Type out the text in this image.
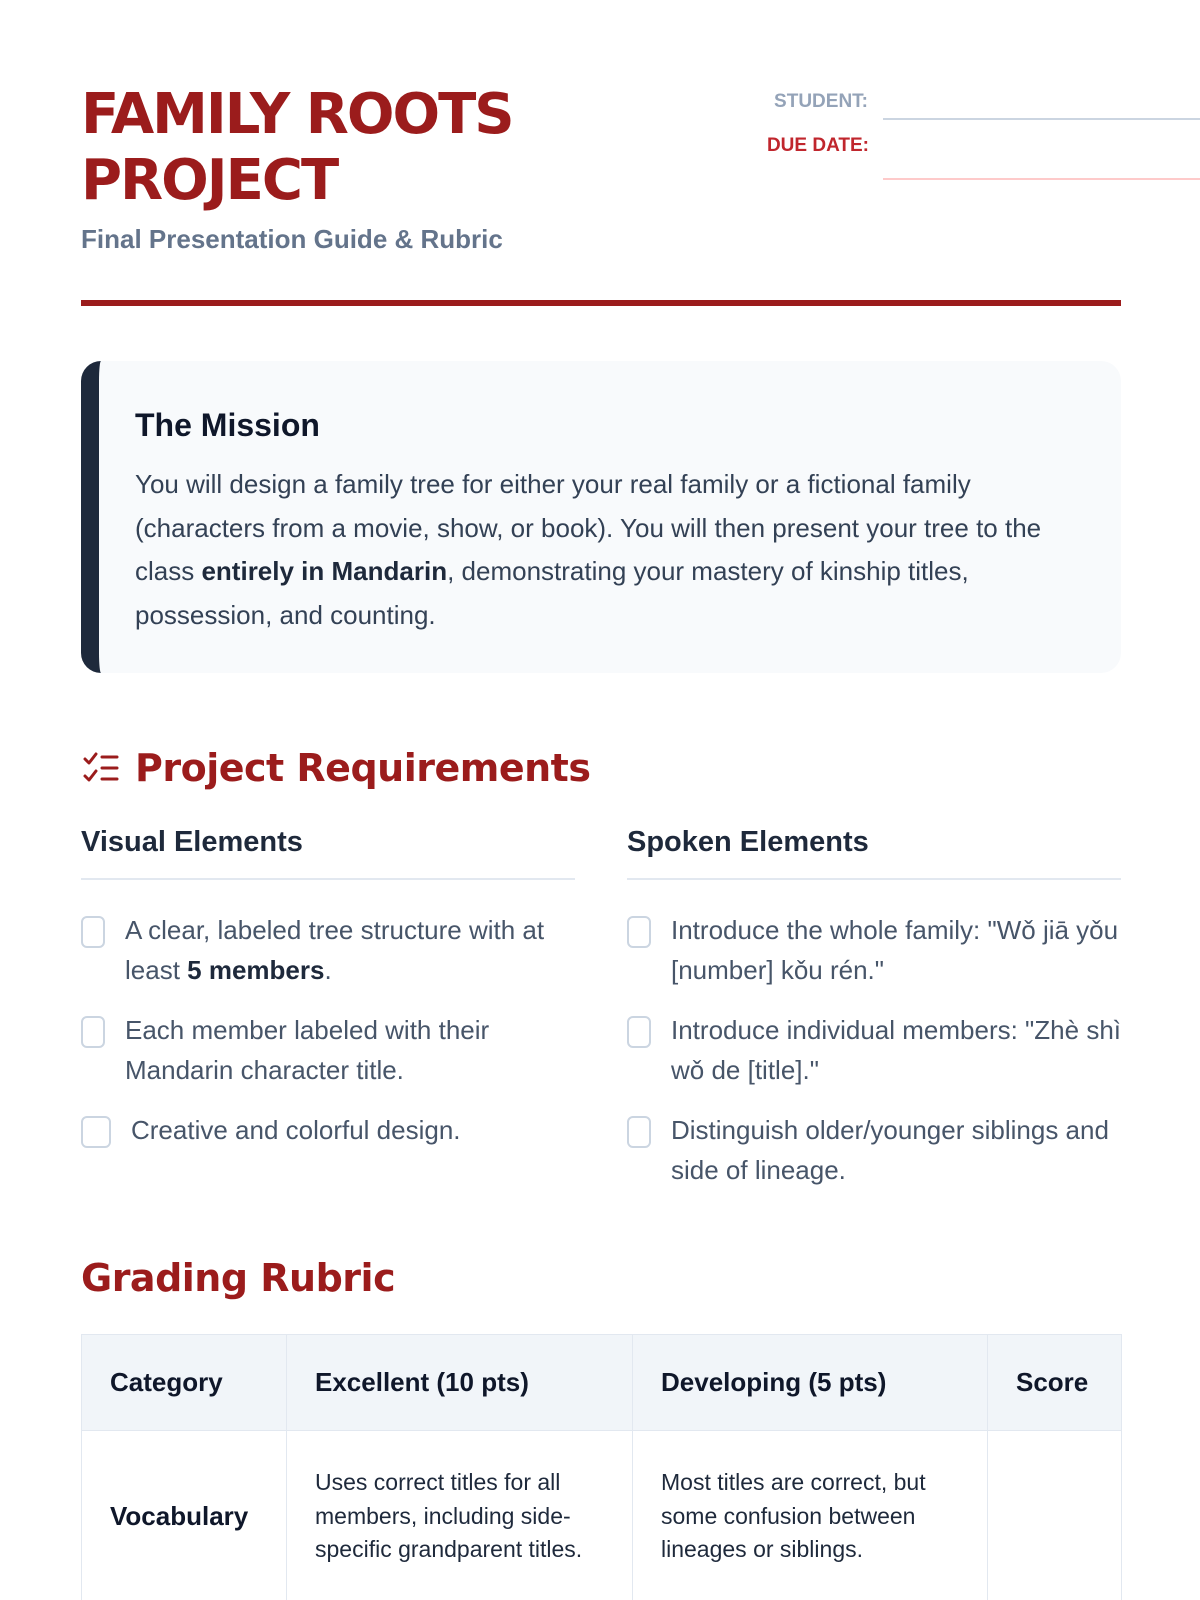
FAMILY ROOTS PROJECT
Final Presentation Guide & Rubric
STUDENT:
DUE DATE:
The Mission

You will design a family tree for either your real family or a fictional family (characters from a movie, show, or book). You will then present your tree to the class entirely in Mandarin, demonstrating your mastery of kinship titles, possession, and counting.

Project Requirements
Visual Elements
A clear, labeled tree structure with at least 5 members.
Each member labeled with their Mandarin character title.
Creative and colorful design.
Spoken Elements
Introduce the whole family: "Wǒ jiā yǒu [number] kǒu rén."
Introduce individual members: "Zhè shì wǒ de [title]."
Distinguish older/younger siblings and side of lineage.
Grading Rubric
Category	Excellent (10 pts)	Developing (5 pts)	Score
Vocabulary	Uses correct titles for all members, including side-specific grandparent titles.	Most titles are correct, but some confusion between lineages or siblings.	
